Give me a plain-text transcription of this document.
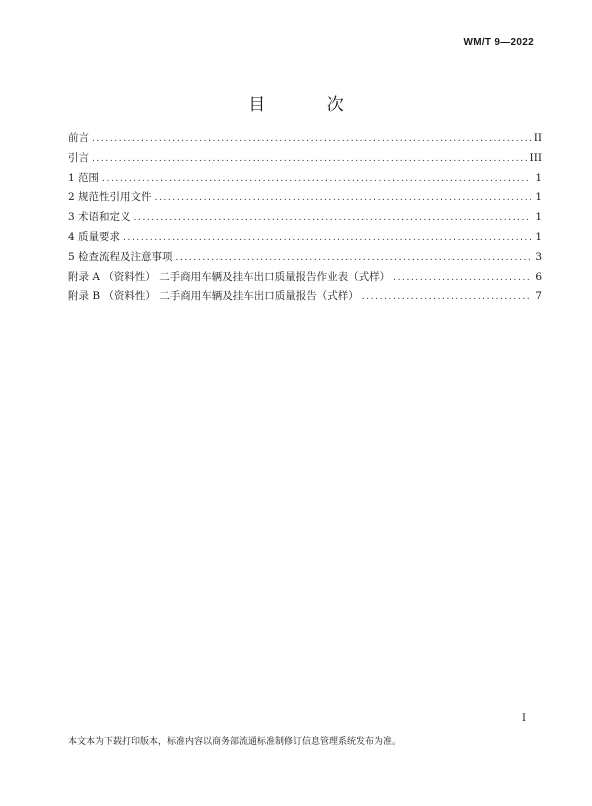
WM/T 9—2022
目 次
前言 .....	II
引言 .....	III
1 范围 .....	1
2 规范性引用文件 .....	1
3 术语和定义 .....	1
4 质量要求 .....	1
5 检查流程及注意事项 .....	3
附录 A （资料性） 二手商用车辆及挂车出口质量报告作业表（式样） .....	6
附录 B （资料性） 二手商用车辆及挂车出口质量报告（式样） .....	7
I
本文本为下载打印版本，标准内容以商务部流通标准制修订信息管理系统发布为准。
